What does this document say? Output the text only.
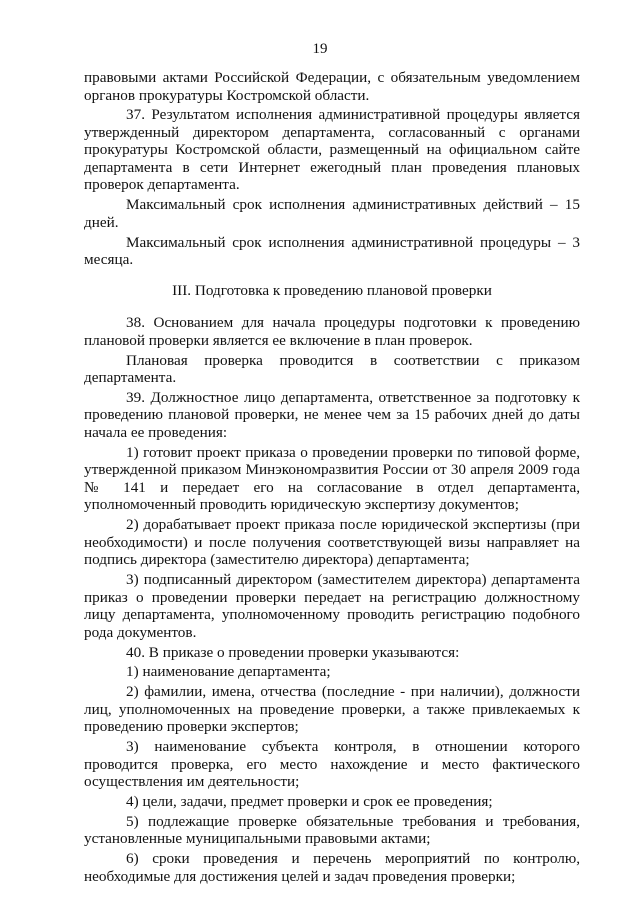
19

правовыми актами Российской Федерации, с обязательным уведомлением органов прокуратуры Костромской области.

37. Результатом исполнения административной процедуры является утвержденный директором департамента, согласованный с органами прокуратуры Костромской области, размещенный на официальном сайте департамента в сети Интернет ежегодный план проведения плановых проверок департамента.

Максимальный срок исполнения административных действий – 15 дней.

Максимальный срок исполнения административной процедуры – 3 месяца.

III. Подготовка к проведению плановой проверки

38. Основанием для начала процедуры подготовки к проведению плановой проверки является ее включение в план проверок.

Плановая проверка проводится в соответствии с приказом департамента.

39. Должностное лицо департамента, ответственное за подготовку к проведению плановой проверки, не менее чем за 15 рабочих дней до даты начала ее проведения:

1) готовит проект приказа о проведении проверки по типовой форме, утвержденной приказом Минэкономразвития России от 30 апреля 2009 года № 141 и передает его на согласование в отдел департамента, уполномоченный проводить юридическую экспертизу документов;

2) дорабатывает проект приказа после юридической экспертизы (при необходимости) и после получения соответствующей визы направляет на подпись директора (заместителю директора) департамента;

3) подписанный директором (заместителем директора) департамента приказ о проведении проверки передает на регистрацию должностному лицу департамента, уполномоченному проводить регистрацию подобного рода документов.

40. В приказе о проведении проверки указываются:

1) наименование департамента;

2) фамилии, имена, отчества (последние - при наличии), должности лиц, уполномоченных на проведение проверки, а также привлекаемых к проведению проверки экспертов;

3) наименование субъекта контроля, в отношении которого проводится проверка, его место нахождение и место фактического осуществления им деятельности;

4) цели, задачи, предмет проверки и срок ее проведения;

5) подлежащие проверке обязательные требования и требования, установленные муниципальными правовыми актами;

6) сроки проведения и перечень мероприятий по контролю, необходимые для достижения целей и задач проведения проверки;
